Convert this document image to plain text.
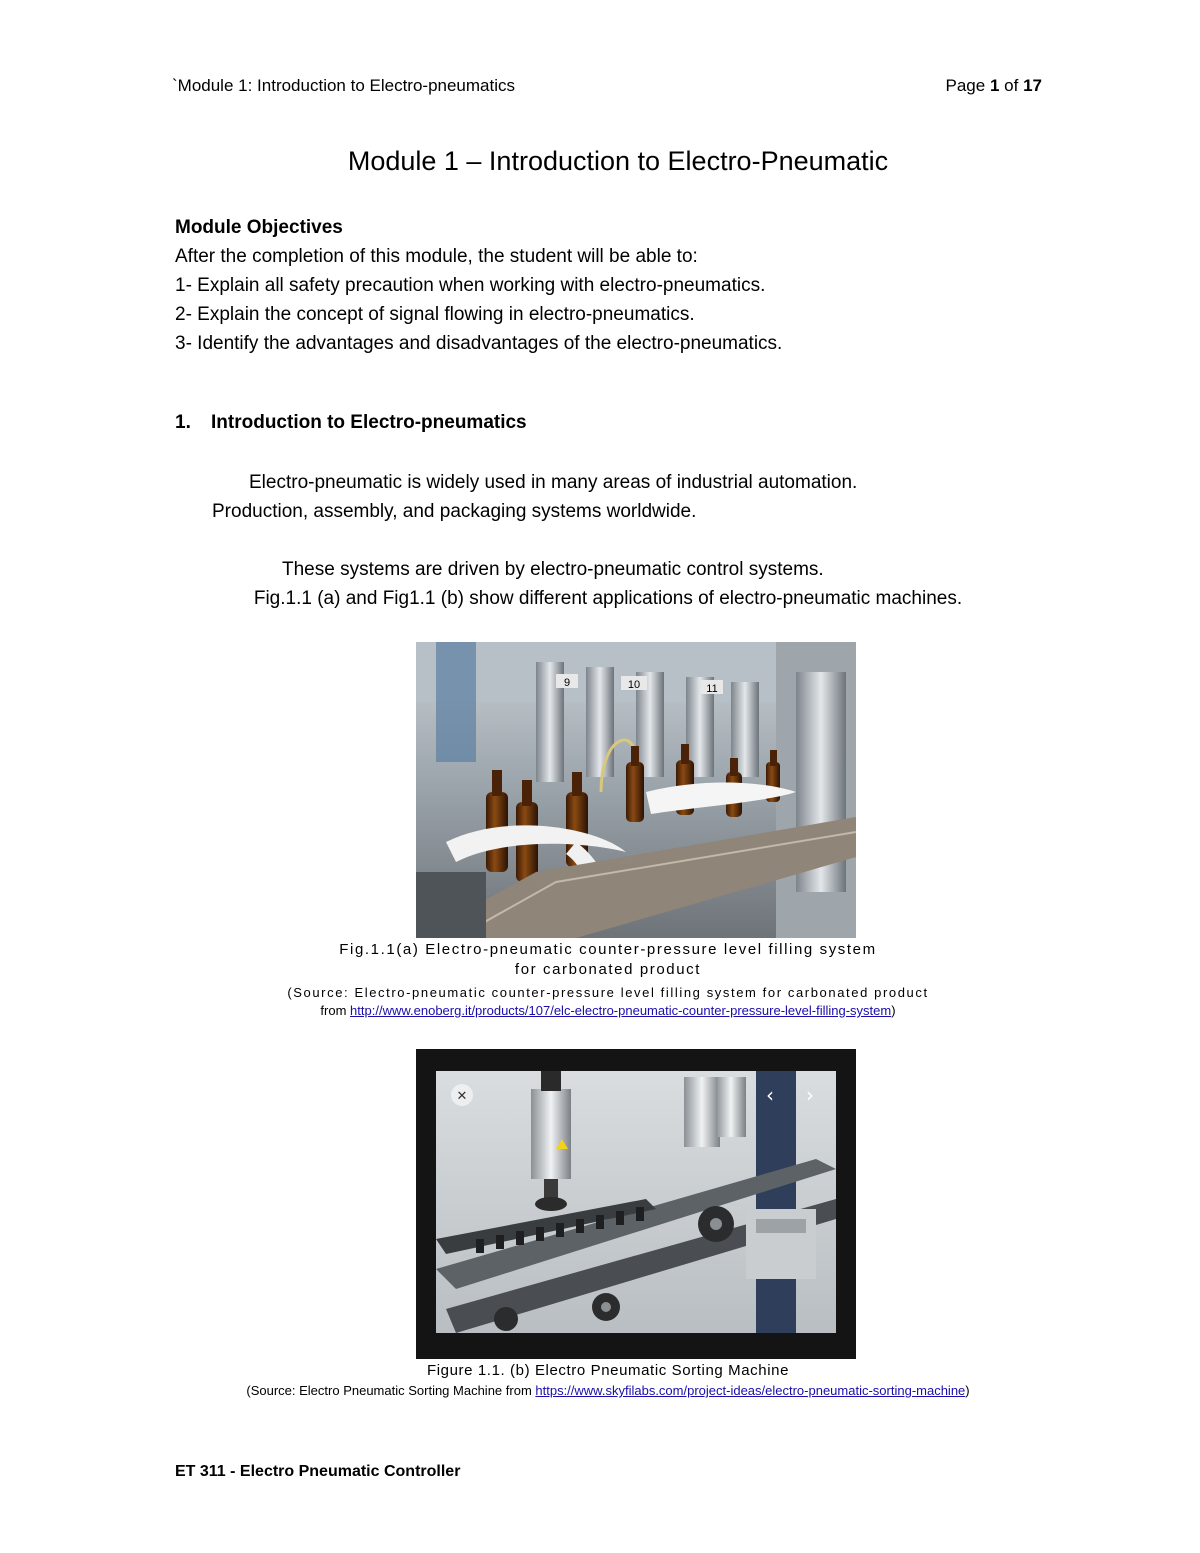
`Module 1: Introduction to Electro-pneumatics	Page 1 of 17
Module 1 – Introduction to Electro-Pneumatic
Module Objectives
After the completion of this module, the student will be able to:
1- Explain all safety precaution when working with electro-pneumatics.
2- Explain the concept of signal flowing in electro-pneumatics.
3- Identify the advantages and disadvantages of the electro-pneumatics.
1. Introduction to Electro-pneumatics
Electro-pneumatic is widely used in many areas of industrial automation.
Production, assembly, and packaging systems worldwide.
These systems are driven by electro-pneumatic control systems.
Fig.1.1 (a) and Fig1.1 (b) show different applications of electro-pneumatic machines.
9	10	11
Fig.1.1(a) Electro-pneumatic counter-pressure level filling system
for carbonated product
(Source: Electro-pneumatic counter-pressure level filling system for carbonated product
from http://www.enoberg.it/products/107/elc-electro-pneumatic-counter-pressure-level-filling-system)
✕	‹ ›
Figure 1.1. (b) Electro Pneumatic Sorting Machine
(Source: Electro Pneumatic Sorting Machine from https://www.skyfilabs.com/project-ideas/electro-pneumatic-sorting-machine)
ET 311 - Electro Pneumatic Controller
